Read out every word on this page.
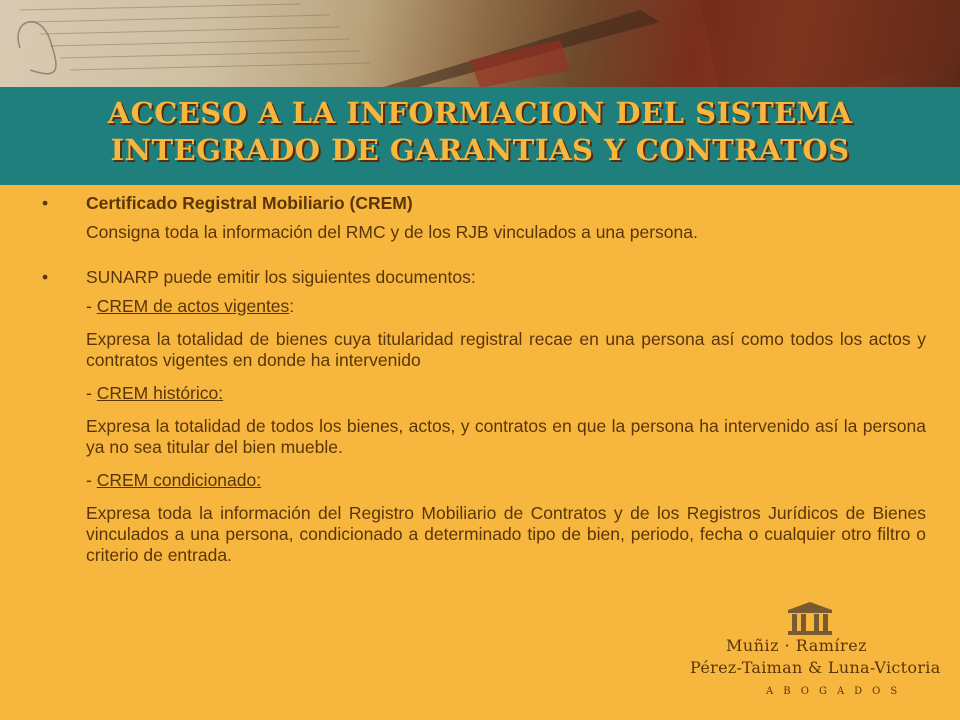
ACCESO A LA INFORMACION DEL SISTEMA
INTEGRADO DE GARANTIAS Y CONTRATOS
• Certificado Registral Mobiliario (CREM)

Consigna toda la información del RMC y de los RJB vinculados a una persona.

• SUNARP puede emitir los siguientes documentos:

- CREM de actos vigentes:

Expresa la totalidad de bienes cuya titularidad registral recae en una persona así como todos los actos y contratos vigentes en donde ha intervenido

- CREM histórico:

Expresa la totalidad de todos los bienes, actos, y contratos en que la persona ha intervenido así la persona ya no sea titular del bien mueble.

- CREM condicionado:

Expresa toda la información del Registro Mobiliario de Contratos y de los Registros Jurídicos de Bienes vinculados a una persona, condicionado a determinado tipo de bien, periodo, fecha o cualquier otro filtro o criterio de entrada.

Muñiz · Ramírez
Pérez-Taiman & Luna-Victoria
ABOGADOS
